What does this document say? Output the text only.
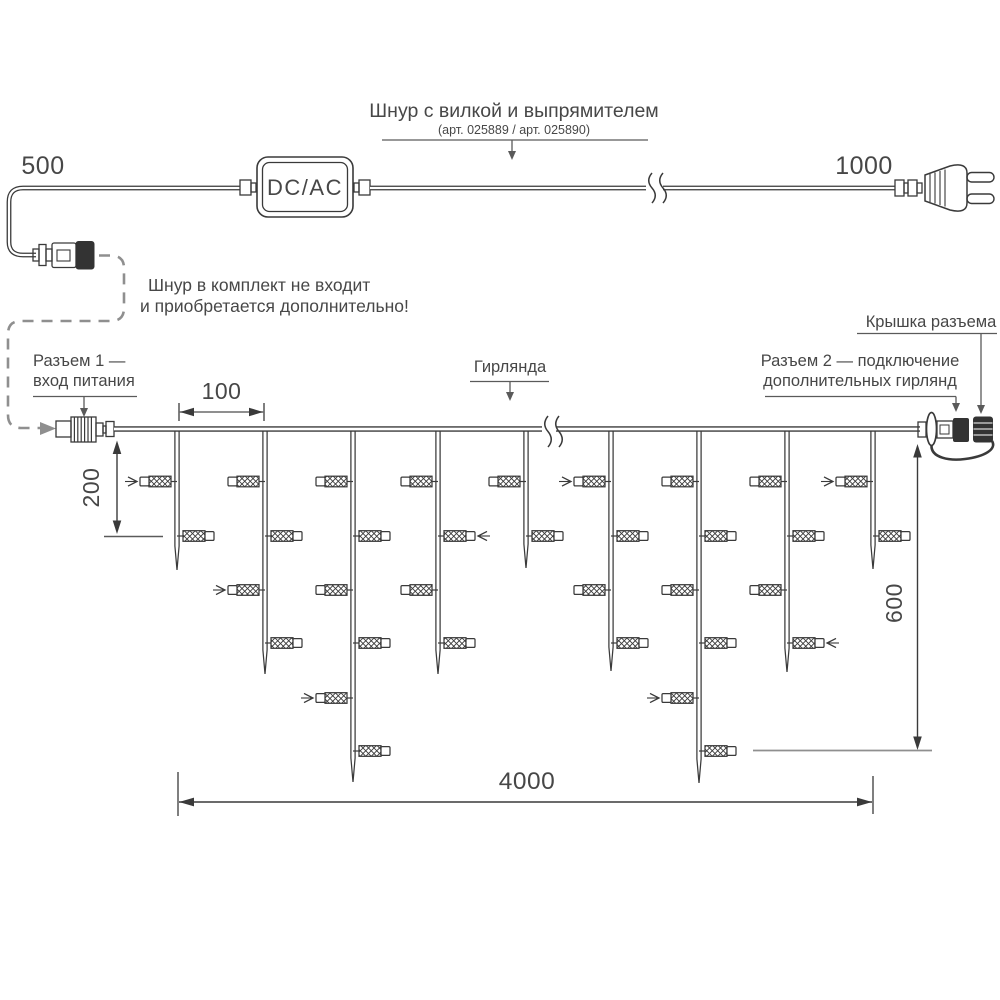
500
DC/AC
1000
Шнур с вилкой и выпрямителем
(арт. 025889 / арт. 025890)
Шнур в комплект не входит
и приобретается дополнительно!
Разъем 1 —
вход питания
Гирлянда
Крышка разъема
Разъем 2 — подключение
дополнительных гирлянд
100
200
600
4000
